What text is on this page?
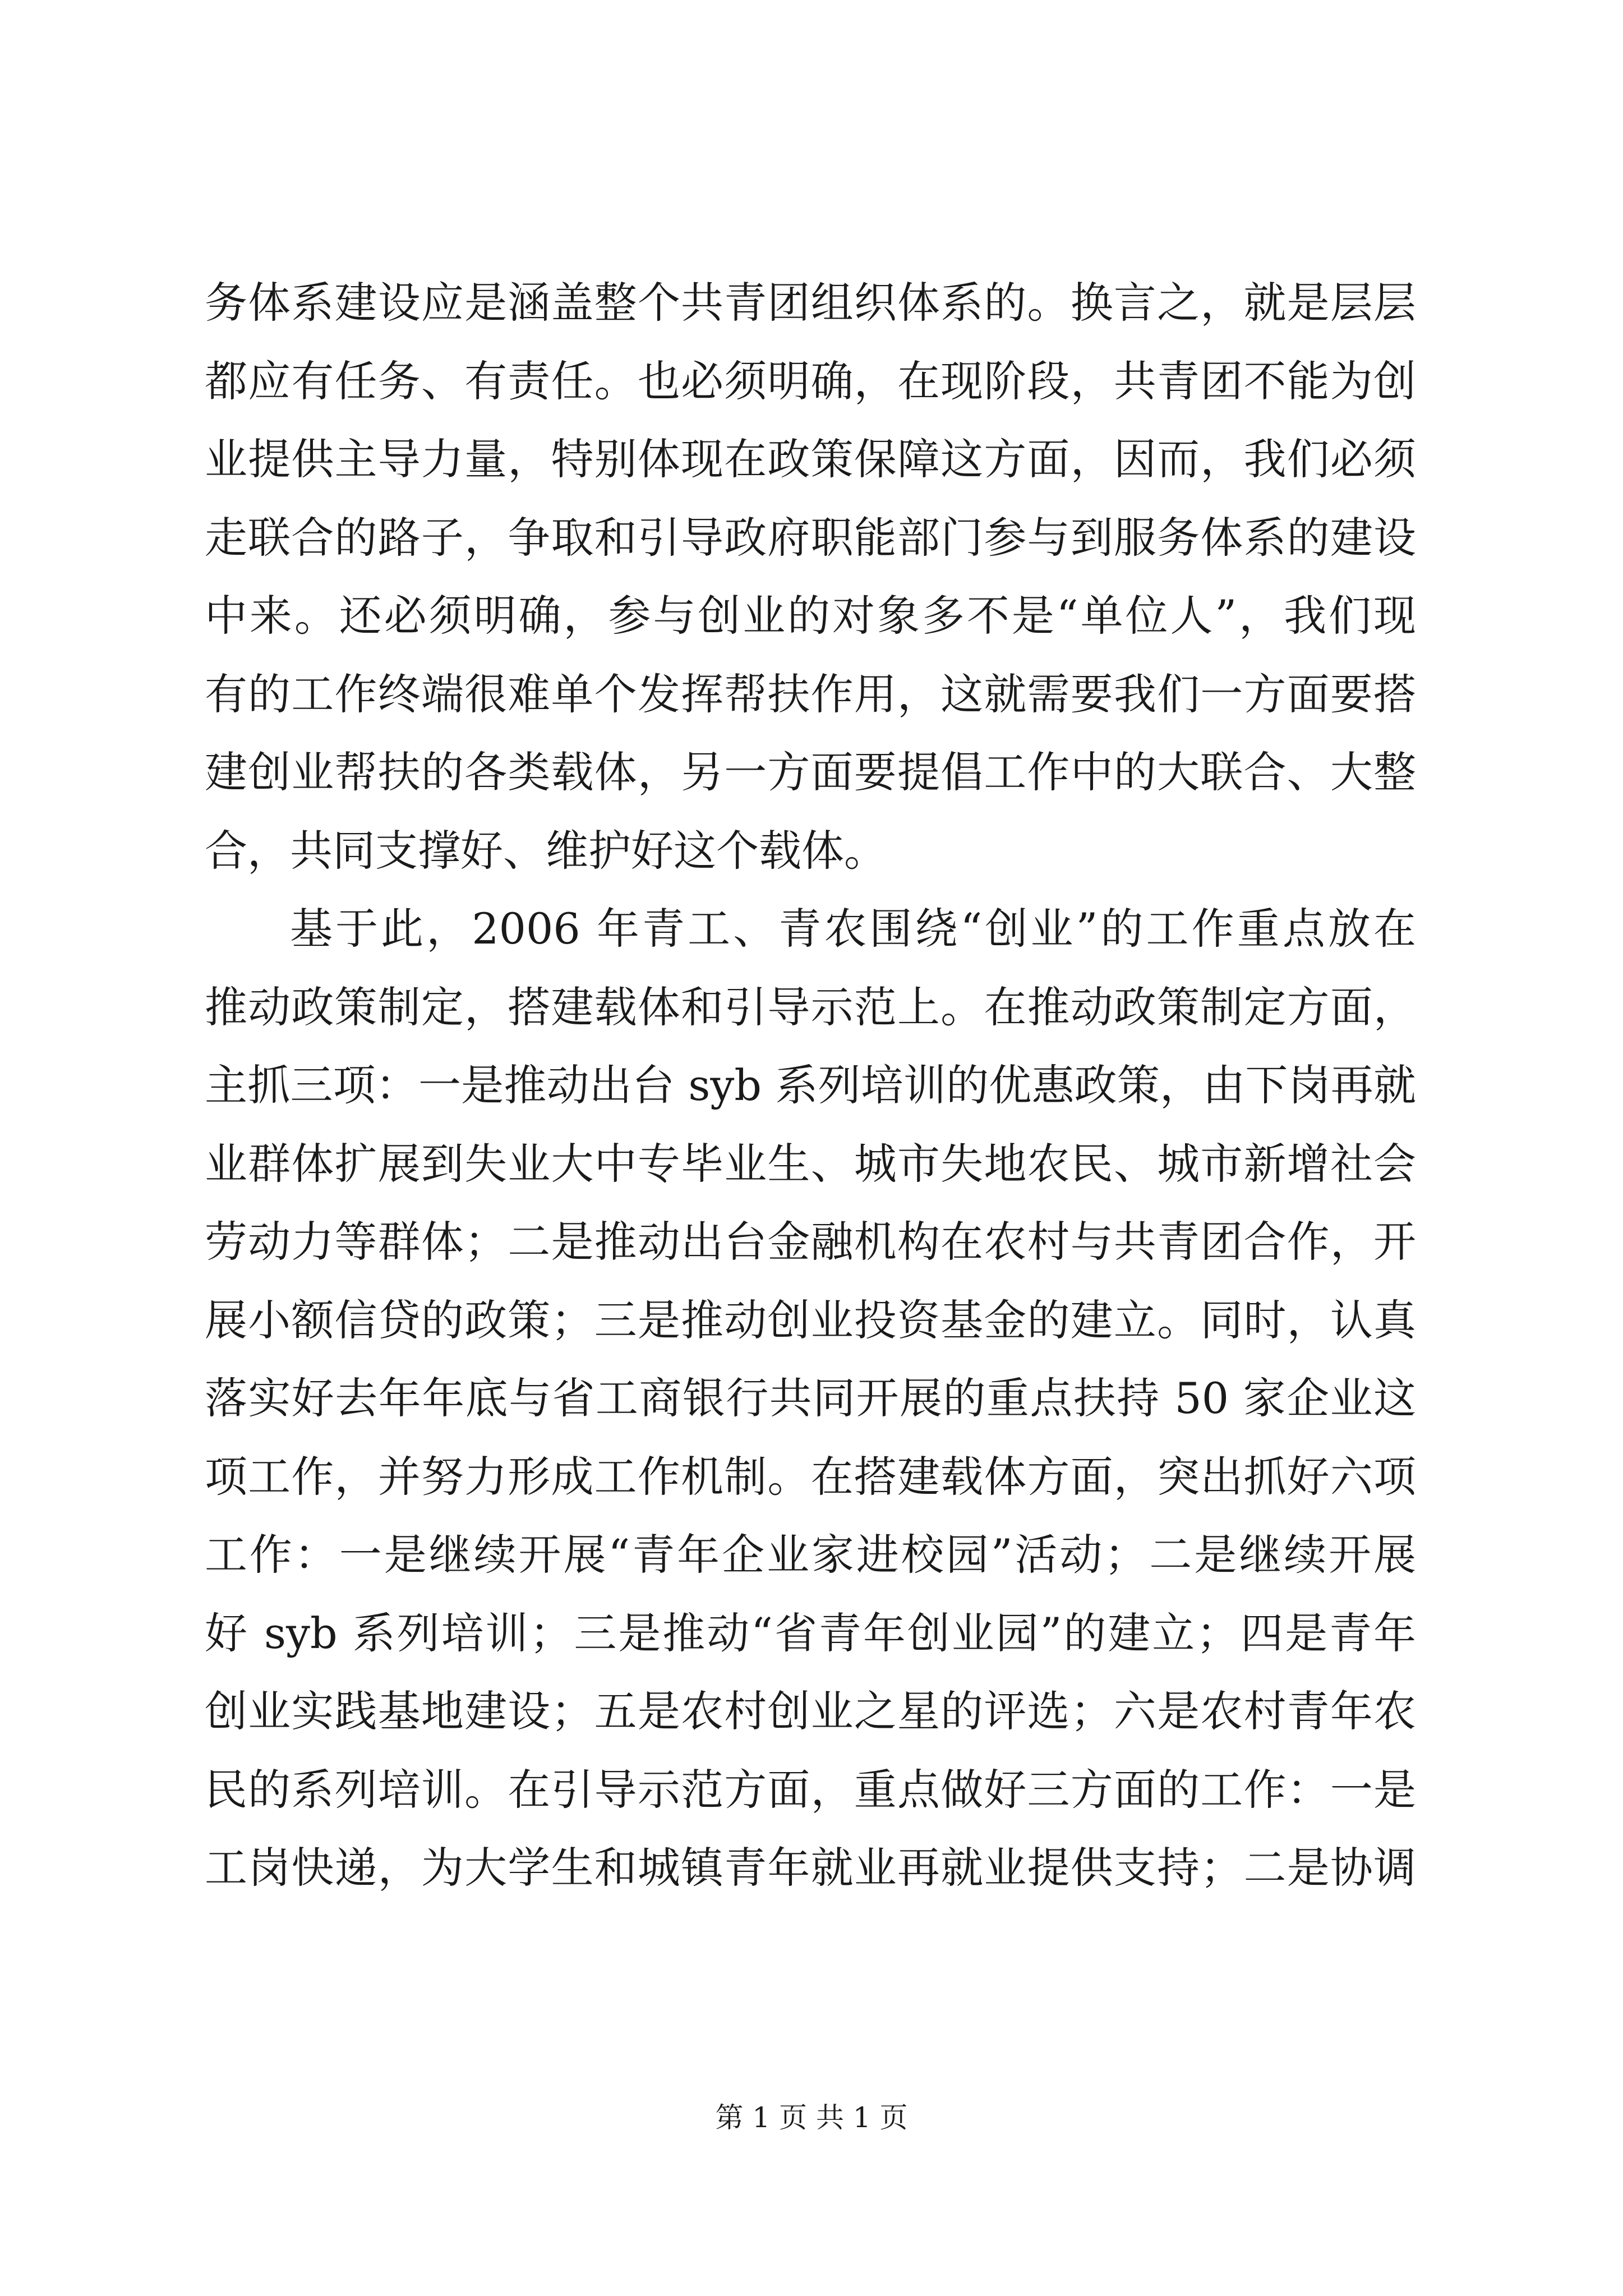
务体系建设应是涵盖整个共青团组织体系的。换言之，就是层层
都应有任务、有责任。也必须明确，在现阶段，共青团不能为创
业提供主导力量，特别体现在政策保障这方面，因而，我们必须
走联合的路子，争取和引导政府职能部门参与到服务体系的建设
中来。还必须明确，参与创业的对象多不是“单位人”，我们现
有的工作终端很难单个发挥帮扶作用，这就需要我们一方面要搭
建创业帮扶的各类载体，另一方面要提倡工作中的大联合、大整
合，共同支撑好、维护好这个载体。
基于此，2006 年青工、青农围绕“创业”的工作重点放在
推动政策制定，搭建载体和引导示范上。在推动政策制定方面，
主抓三项：一是推动出台 syb 系列培训的优惠政策，由下岗再就
业群体扩展到失业大中专毕业生、城市失地农民、城市新增社会
劳动力等群体；二是推动出台金融机构在农村与共青团合作，开
展小额信贷的政策；三是推动创业投资基金的建立。同时，认真
落实好去年年底与省工商银行共同开展的重点扶持 50 家企业这
项工作，并努力形成工作机制。在搭建载体方面，突出抓好六项
工作：一是继续开展“青年企业家进校园”活动；二是继续开展
好 syb 系列培训；三是推动“省青年创业园”的建立；四是青年
创业实践基地建设；五是农村创业之星的评选；六是农村青年农
民的系列培训。在引导示范方面，重点做好三方面的工作：一是
工岗快递，为大学生和城镇青年就业再就业提供支持；二是协调
第 1 页 共 1 页
